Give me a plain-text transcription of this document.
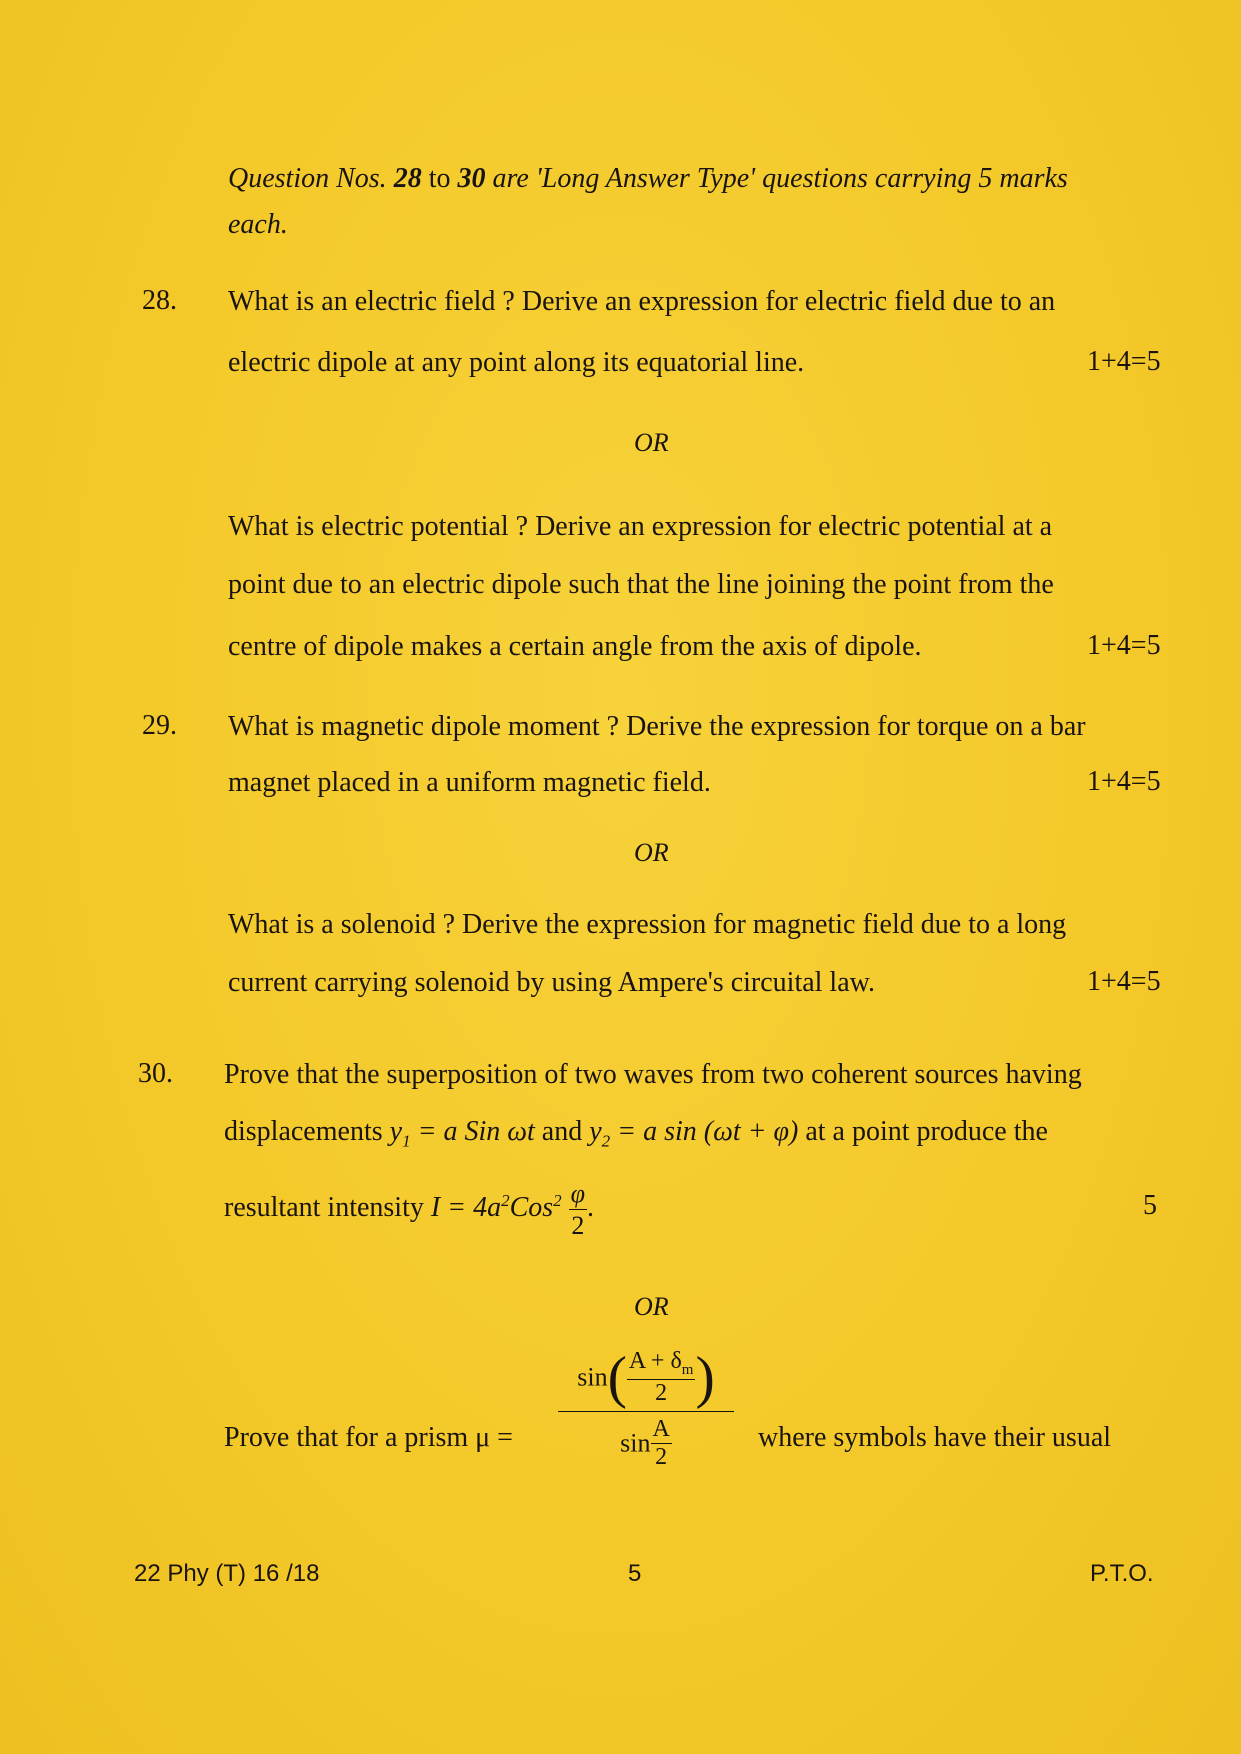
Question Nos. 28 to 30 are 'Long Answer Type' questions carrying 5 marks
each.
28. What is an electric field ? Derive an expression for electric field due to an
electric dipole at any point along its equatorial line.	1+4=5
OR
What is electric potential ? Derive an expression for electric potential at a
point due to an electric dipole such that the line joining the point from the
centre of dipole makes a certain angle from the axis of dipole.	1+4=5
29. What is magnetic dipole moment ? Derive the expression for torque on a bar
magnet placed in a uniform magnetic field.	1+4=5
OR
What is a solenoid ? Derive the expression for magnetic field due to a long
current carrying solenoid by using Ampere's circuital law.	1+4=5
30. Prove that the superposition of two waves from two coherent sources having
displacements $y_1 = a$ Sin ωt and $y_2 = a$ sin (ωt + φ) at a point produce the
resultant intensity $I = 4a^2Cos^2 \frac{\varphi}{2}$ .	5
OR
Prove that for a prism $\mu = \frac{\sin( \frac{A + \delta_m}{2} )}{\sin \frac{A}{2}}$ where symbols have their usual
22 Phy (T) 16 /18	5	P.T.O.
